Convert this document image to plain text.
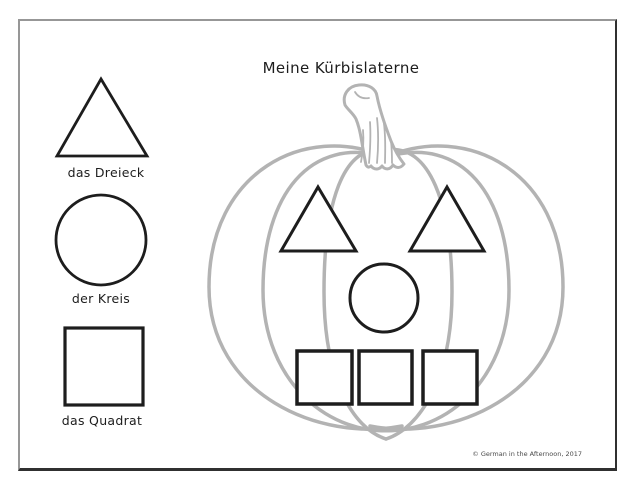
Meine Kürbislaterne
das Dreieck
der Kreis
das Quadrat
© German in the Afternoon, 2017
